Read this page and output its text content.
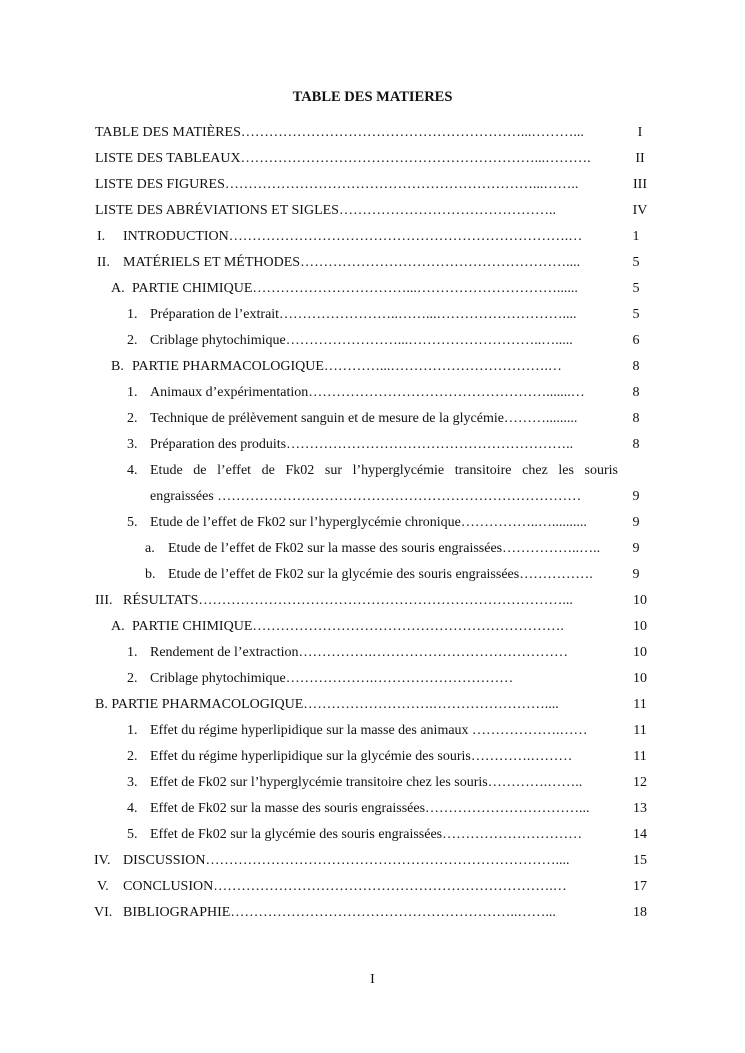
TABLE DES MATIERES
TABLE DES MATIÈRES……………………………………………………...………...	I
LISTE DES TABLEAUX………………………………………………………...……….	II
LISTE DES FIGURES…………………………………………………………...……..	III
LISTE DES ABRÉVIATIONS ET SIGLES………………………………………..	IV
I. INTRODUCTION……………………………………………………………….…	1
II. MATÉRIELS ET MÉTHODES…………………………………………………....	5
A. PARTIE CHIMIQUE……………………………...…………………………......	5
1. Préparation de l’extrait……………………..……...………………………....	5
2. Criblage phytochimique……………………...………………………..….....	6
B. PARTIE PHARMACOLOGIQUE…………...…………………………….…	8
1. Animaux d’expérimentation…………………………………………….......…	8
2. Technique de prélèvement sanguin et de mesure de la glycémie……….........	8
3. Préparation des produits……………………………………………………..	8
4. Etude de l’effet de Fk02 sur l’hyperglycémie transitoire chez les souris
engraissées ……………………………………………………………………	9
5. Etude de l’effet de Fk02 sur l’hyperglycémie chronique……………..…..........	9
a. Etude de l’effet de Fk02 sur la masse des souris engraissées……………..…..	9
b. Etude de l’effet de Fk02 sur la glycémie des souris engraissées…………….	9
III. RÉSULTATS……………………………………………………………………...	10
A. PARTIE CHIMIQUE………………………………………………………….	10
1. Rendement de l’extraction…………….……………………………………	10
2. Criblage phytochimique……………….…………………………	10
B. PARTIE PHARMACOLOGIQUE……………………….……………………....	11
1. Effet du régime hyperlipidique sur la masse des animaux ……………….……	11
2. Effet du régime hyperlipidique sur la glycémie des souris………….………	11
3. Effet de Fk02 sur l’hyperglycémie transitoire chez les souris………….……..	12
4. Effet de Fk02 sur la masse des souris engraissées……………………………...	13
5. Effet de Fk02 sur la glycémie des souris engraissées…………………………	14
IV. DISCUSSION…………………………………………………………………....	15
V. CONCLUSION……………………………………………………………….…	17
VI. BIBLIOGRAPHIE……………………………………………………..……...	18
I
